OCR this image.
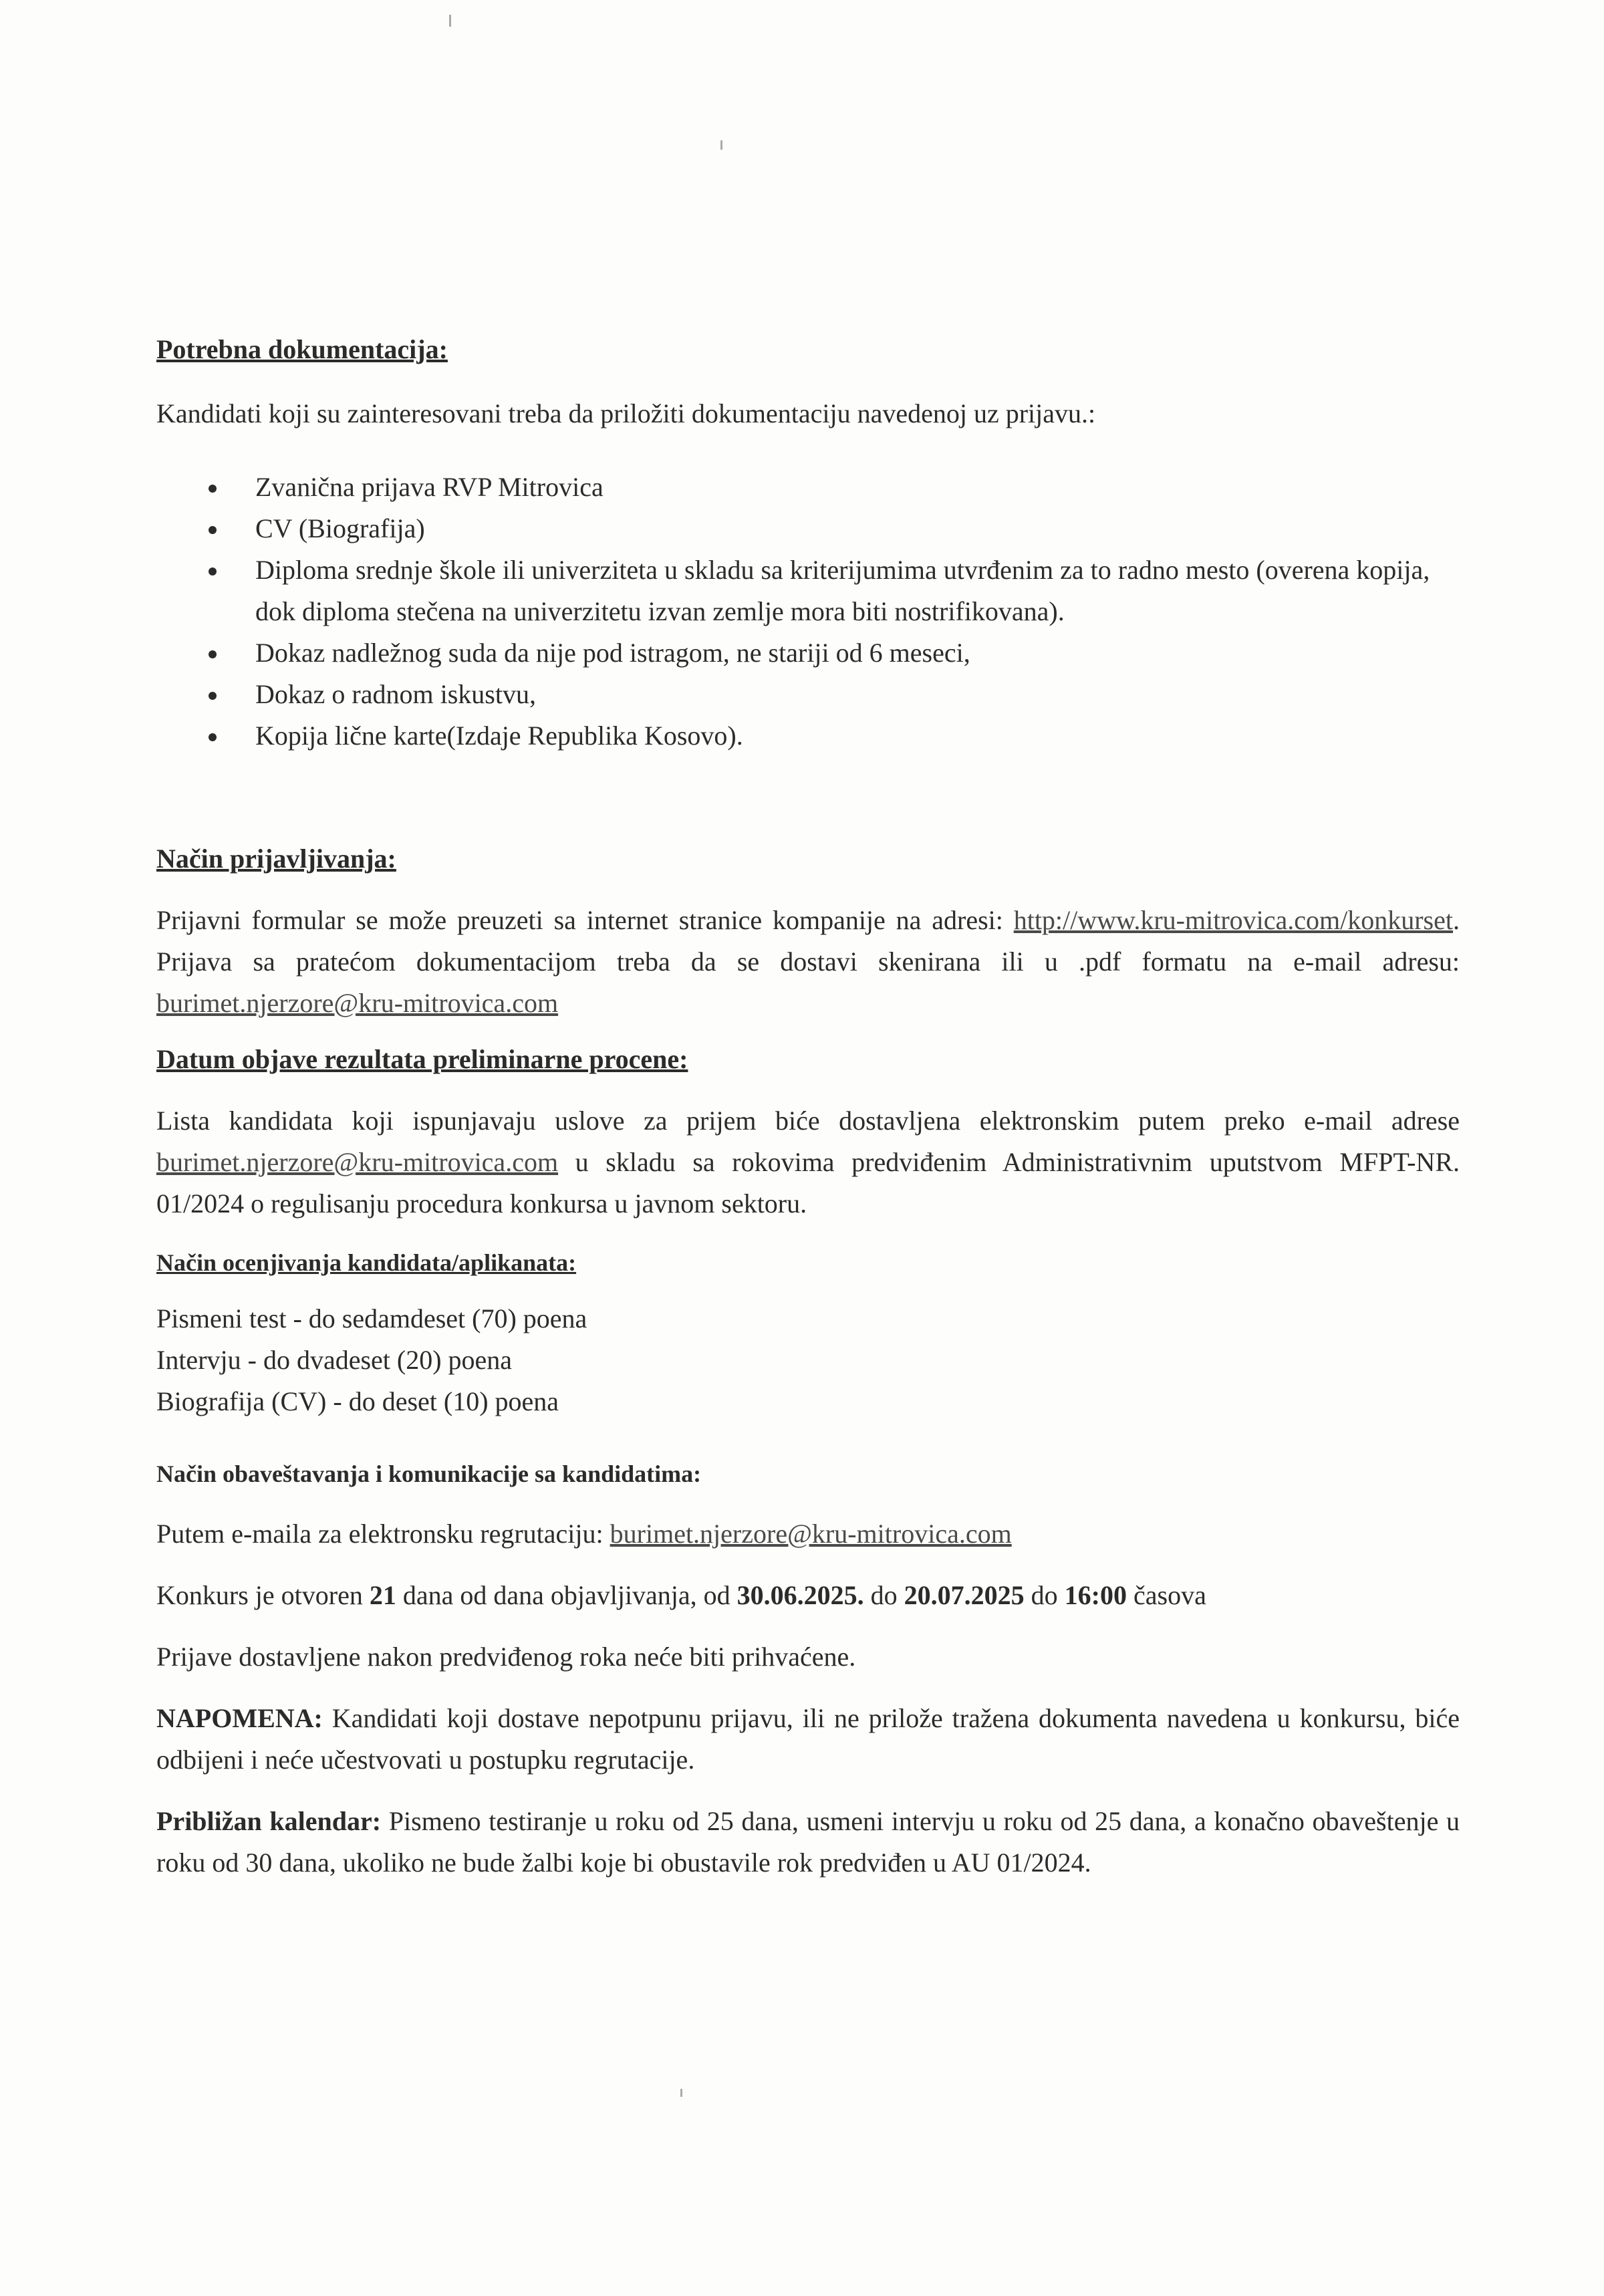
Potrebna dokumentacija:

Kandidati koji su zainteresovani treba da priložiti dokumentaciju navedenoj uz prijavu.:

Zvanična prijava RVP Mitrovica
CV (Biografija)
Diploma srednje škole ili univerziteta u skladu sa kriterijumima utvrđenim za to radno mesto (overena kopija, dok diploma stečena na univerzitetu izvan zemlje mora biti nostrifikovana).
Dokaz nadležnog suda da nije pod istragom, ne stariji od 6 meseci,
Dokaz o radnom iskustvu,
Kopija lične karte(Izdaje Republika Kosovo).

Način prijavljivanja:

Prijavni formular se može preuzeti sa internet stranice kompanije na adresi: http://www.kru-mitrovica.com/konkurset. Prijava sa pratećom dokumentacijom treba da se dostavi skenirana ili u .pdf formatu na e-mail adresu: burimet.njerzore@kru-mitrovica.com

Datum objave rezultata preliminarne procene:

Lista kandidata koji ispunjavaju uslove za prijem biće dostavljena elektronskim putem preko e-mail adrese burimet.njerzore@kru-mitrovica.com u skladu sa rokovima predviđenim Administrativnim uputstvom MFPT-NR. 01/2024 o regulisanju procedura konkursa u javnom sektoru.

Način ocenjivanja kandidata/aplikanata:

Pismeni test - do sedamdeset (70) poena

Intervju - do dvadeset (20) poena

Biografija (CV) - do deset (10) poena

Način obaveštavanja i komunikacije sa kandidatima:

Putem e-maila za elektronsku regrutaciju: burimet.njerzore@kru-mitrovica.com

Konkurs je otvoren 21 dana od dana objavljivanja, od 30.06.2025. do 20.07.2025 do 16:00 časova

Prijave dostavljene nakon predviđenog roka neće biti prihvaćene.

NAPOMENA: Kandidati koji dostave nepotpunu prijavu, ili ne prilože tražena dokumenta navedena u konkursu, biće odbijeni i neće učestvovati u postupku regrutacije.

Približan kalendar: Pismeno testiranje u roku od 25 dana, usmeni intervju u roku od 25 dana, a konačno obaveštenje u roku od 30 dana, ukoliko ne bude žalbi koje bi obustavile rok predviđen u AU 01/2024.
